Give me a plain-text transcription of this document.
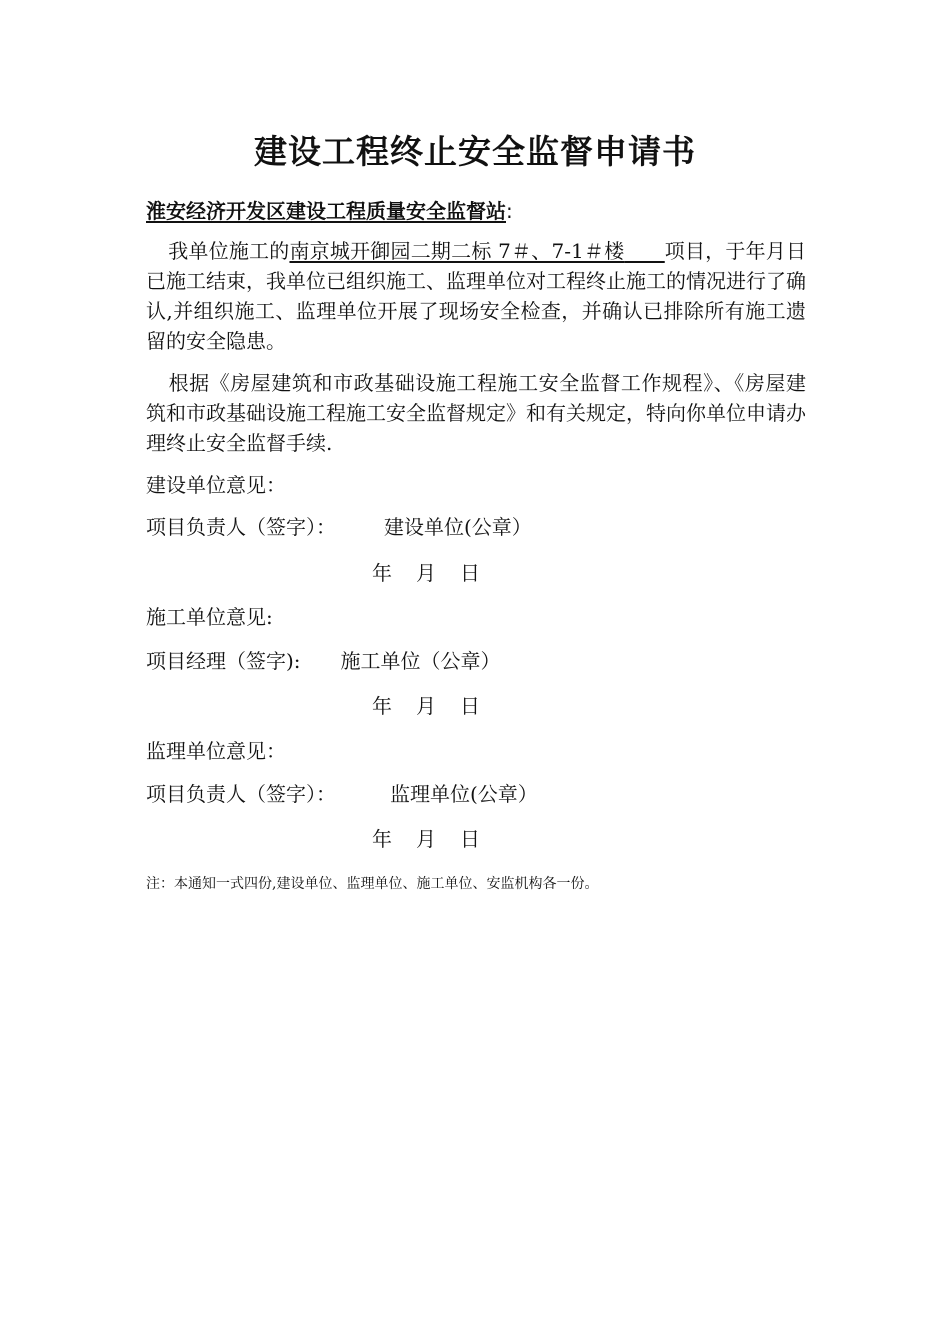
建设工程终止安全监督申请书

淮安经济开发区建设工程质量安全监督站:

我单位施工的南京城开御园二期二标 7＃、7-1＃楼　　 项目，于年月日已施工结束，我单位已组织施工、监理单位对工程终止施工的情况进行了确认,并组织施工、监理单位开展了现场安全检查，并确认已排除所有施工遗留的安全隐患。

根据《房屋建筑和市政基础设施工程施工安全监督工作规程》、《房屋建筑和市政基础设施工程施工安全监督规定》和有关规定，特向你单位申请办理终止安全监督手续.

建设单位意见：

项目负责人（签字）： 建设单位(公章）

年 月 日

施工单位意见:

项目经理（签字): 施工单位（公章）

年 月 日

监理单位意见：

项目负责人（签字）：	监理单位(公章）

年 月 日

注：本通知一式四份,建设单位、监理单位、施工单位、安监机构各一份。
